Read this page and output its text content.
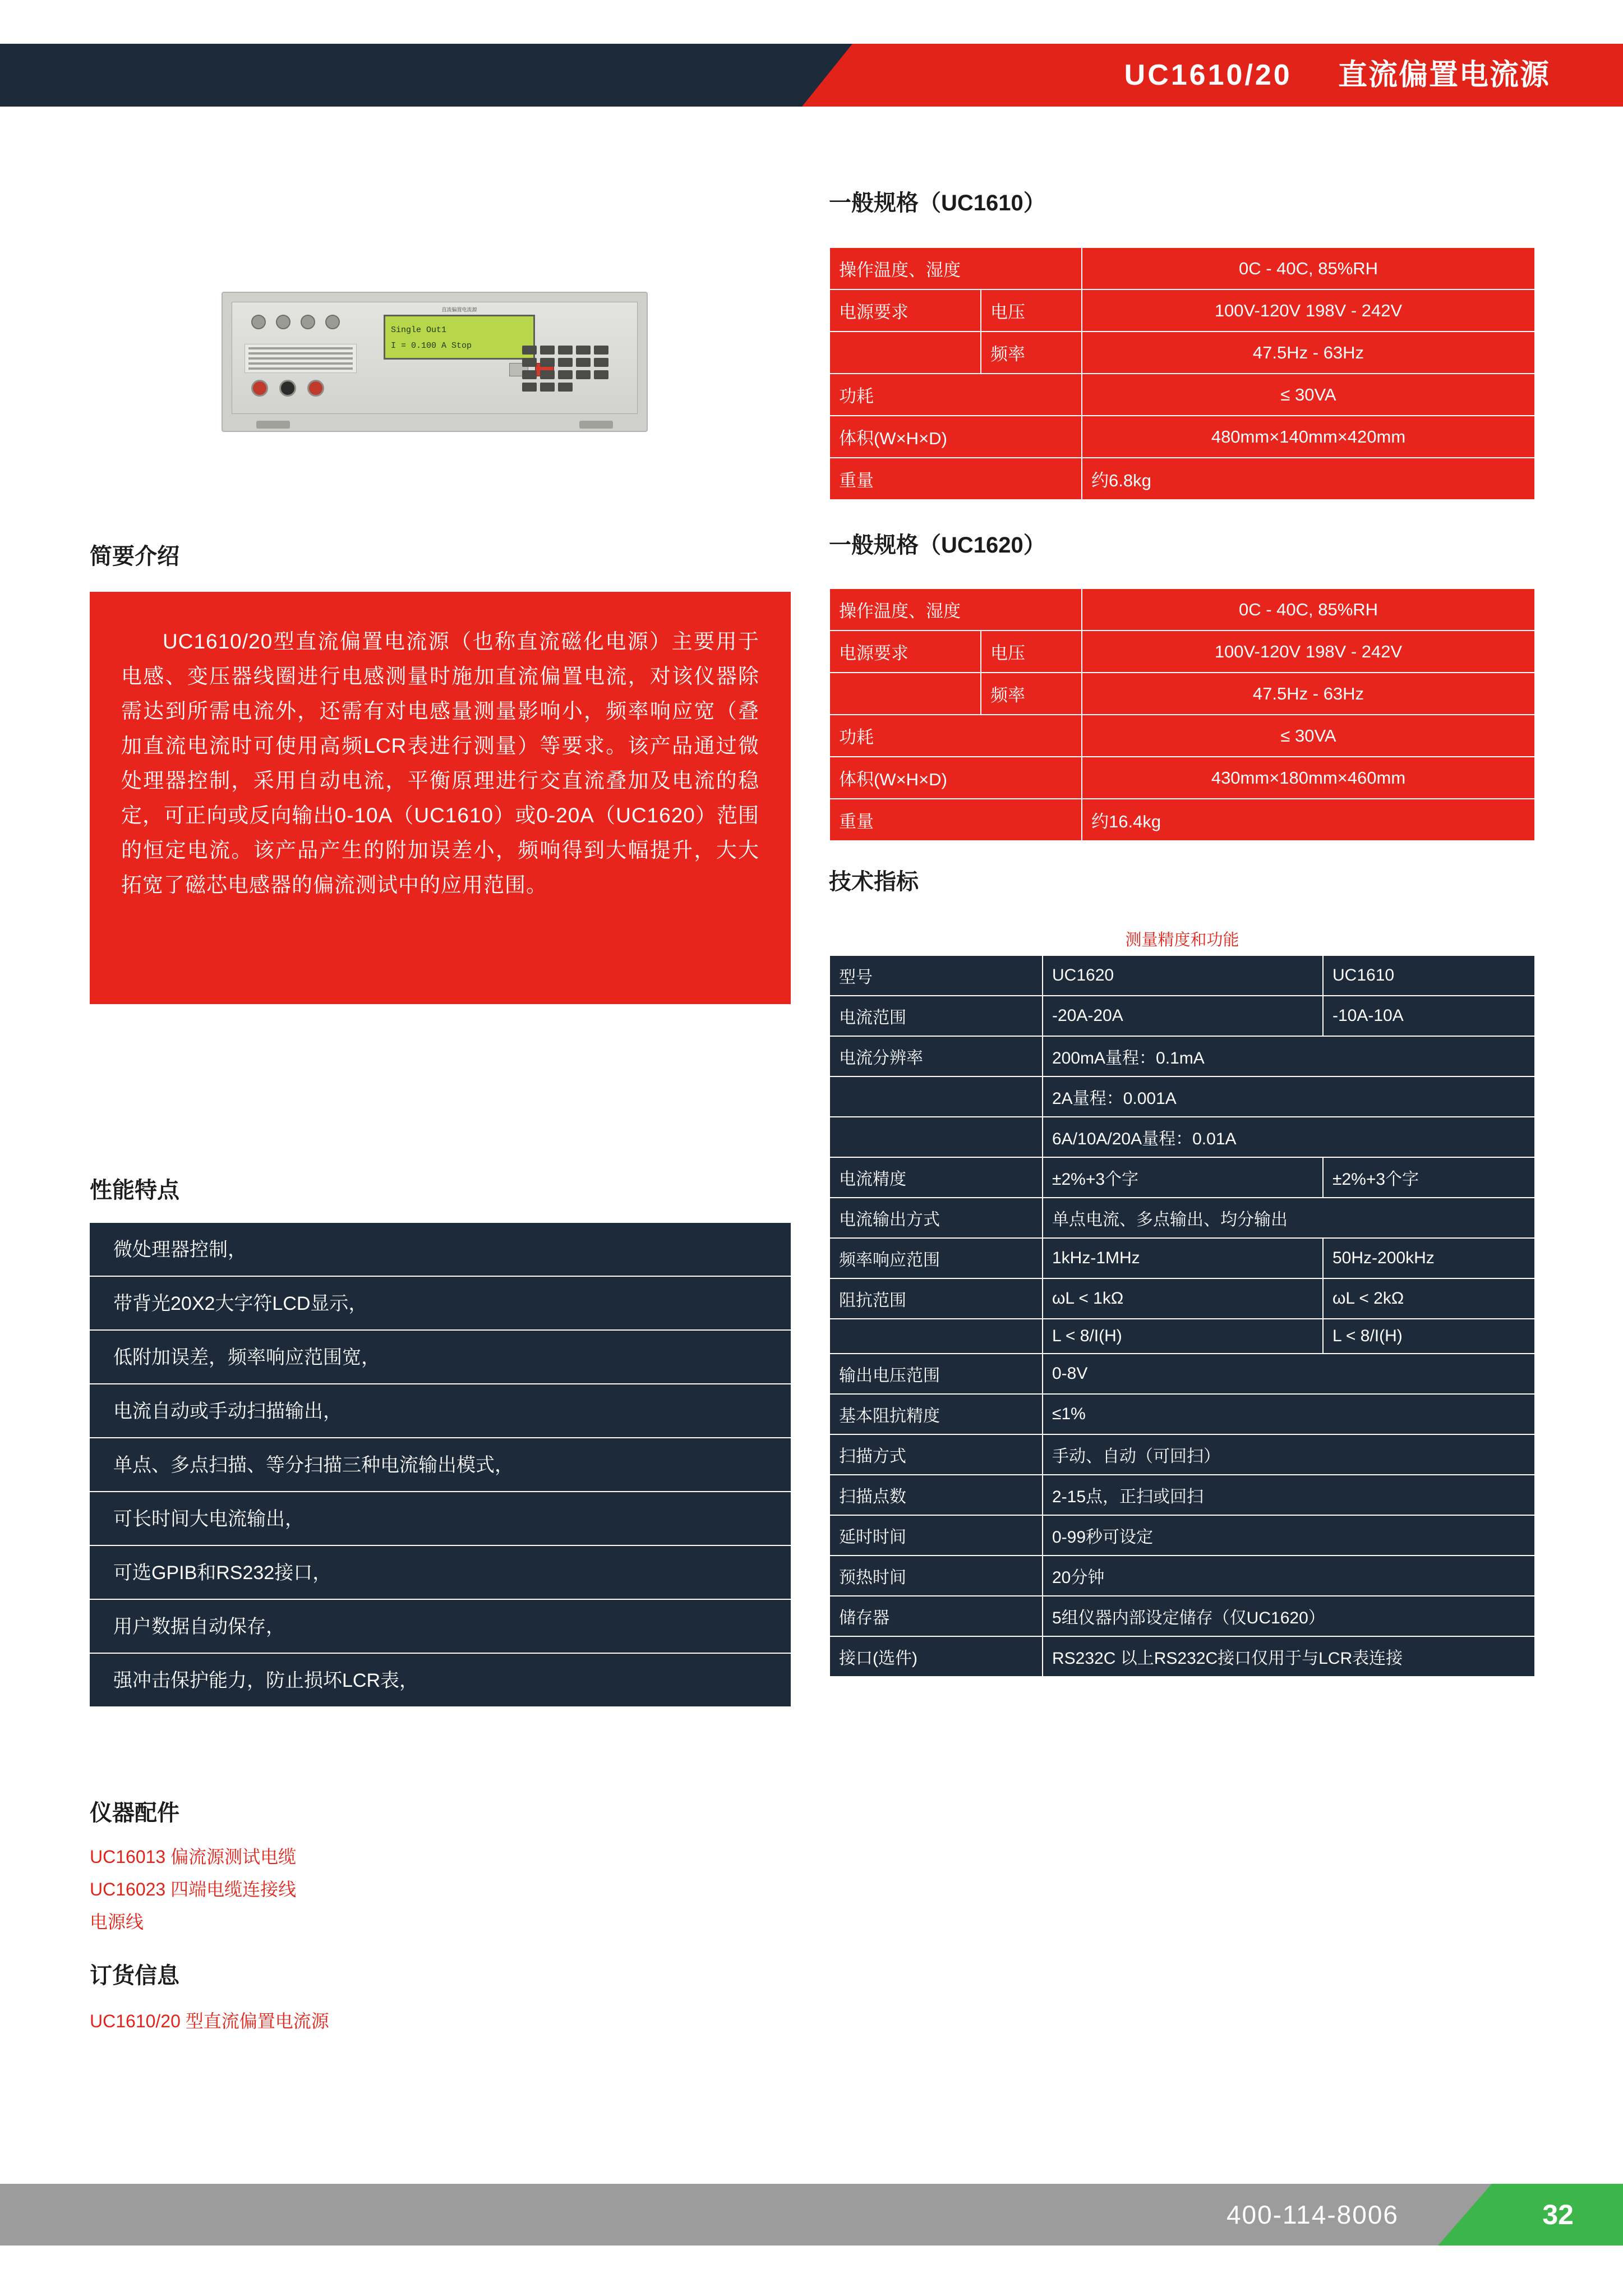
UC1610/20 直流偏置电流源
直流偏置电流源
Single Out1
I = 0.100 A Stop
简要介绍
UC1610/20型直流偏置电流源（也称直流磁化电源）主要用于电感、变压器线圈进行电感测量时施加直流偏置电流，对该仪器除需达到所需电流外，还需有对电感量测量影响小，频率响应宽（叠加直流电流时可使用高频LCR表进行测量）等要求。该产品通过微处理器控制，采用自动电流，平衡原理进行交直流叠加及电流的稳定，可正向或反向输出0-10A（UC1610）或0-20A（UC1620）范围的恒定电流。该产品产生的附加误差小，频响得到大幅提升，大大拓宽了磁芯电感器的偏流测试中的应用范围。
性能特点
微处理器控制，
带背光20X2大字符LCD显示，
低附加误差，频率响应范围宽，
电流自动或手动扫描输出，
单点、多点扫描、等分扫描三种电流输出模式，
可长时间大电流输出，
可选GPIB和RS232接口，
用户数据自动保存，
强冲击保护能力，防止损坏LCR表，
仪器配件
UC16013 偏流源测试电缆
UC16023 四端电缆连接线
电源线
订货信息
UC1610/20 型直流偏置电流源
一般规格（UC1610）
操作温度、湿度		0C - 40C, 85%RH
电源要求	电压	100V-120V 198V - 242V
	频率	47.5Hz - 63Hz
功耗		≤ 30VA
体积(W×H×D)		480mm×140mm×420mm
重量		约6.8kg
一般规格（UC1620）
操作温度、湿度		0C - 40C, 85%RH
电源要求	电压	100V-120V 198V - 242V
	频率	47.5Hz - 63Hz
功耗		≤ 30VA
体积(W×H×D)		430mm×180mm×460mm
重量		约16.4kg
技术指标
测量精度和功能		
型号	UC1620	UC1610
电流范围	-20A-20A	-10A-10A
电流分辨率	200mA量程：0.1mA	
	2A量程：0.001A	
	6A/10A/20A量程：0.01A	
电流精度	±2%+3个字	±2%+3个字
电流输出方式	单点电流、多点输出、均分输出	
频率响应范围	1kHz-1MHz	50Hz-200kHz
阻抗范围	ωL < 1kΩ	ωL < 2kΩ
	L < 8/I(H)	L < 8/I(H)
输出电压范围	0-8V	
基本阻抗精度	≤1%	
扫描方式	手动、自动（可回扫）	
扫描点数	2-15点，正扫或回扫	
延时时间	0-99秒可设定	
预热时间	20分钟	
储存器	5组仪器内部设定储存（仅UC1620）	
接口(选件)	RS232C 以上RS232C接口仅用于与LCR表连接	
400-114-8006	32
